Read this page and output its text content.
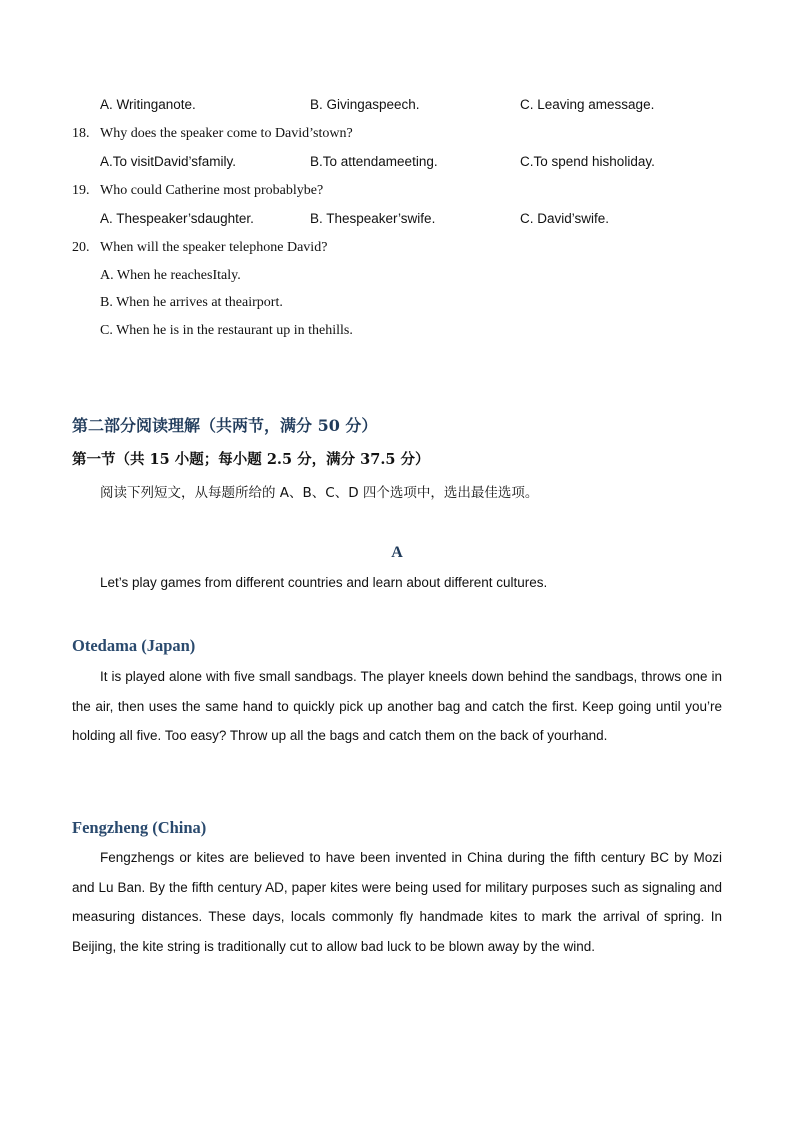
A. Writinganote.	B. Givingaspeech.	C. Leaving amessage.
18. Why does the speaker come to David’stown?
A.To visitDavid’sfamily.	B.To attendameeting.	C.To spend hisholiday.
19. Who could Catherine most probablybe?
A. Thespeaker’sdaughter.	B. Thespeaker’swife.	C. David’swife.
20. When will the speaker telephone David?
A. When he reachesItaly.
B. When he arrives at theairport.
C. When he is in the restaurant up in thehills.
第二部分阅读理解（共两节，满分 50 分）
第一节（共 15 小题；每小题 2.5 分，满分 37.5 分）
阅读下列短文，从每题所给的 A、B、C、D 四个选项中，选出最佳选项。
A
Let’s play games from different countries and learn about different cultures.
Otedama (Japan)
It is played alone with five small sandbags. The player kneels down behind the sandbags, throws one in the air, then uses the same hand to quickly pick up another bag and catch the first. Keep going until you’re holding all five. Too easy? Throw up all the bags and catch them on the back of yourhand.
Fengzheng (China)
Fengzhengs or kites are believed to have been invented in China during the fifth century BC by Mozi and Lu Ban. By the fifth century AD, paper kites were being used for military purposes such as signaling and measuring distances. These days, locals commonly fly handmade kites to mark the arrival of spring. In Beijing, the kite string is traditionally cut to allow bad luck to be blown away by the wind.
